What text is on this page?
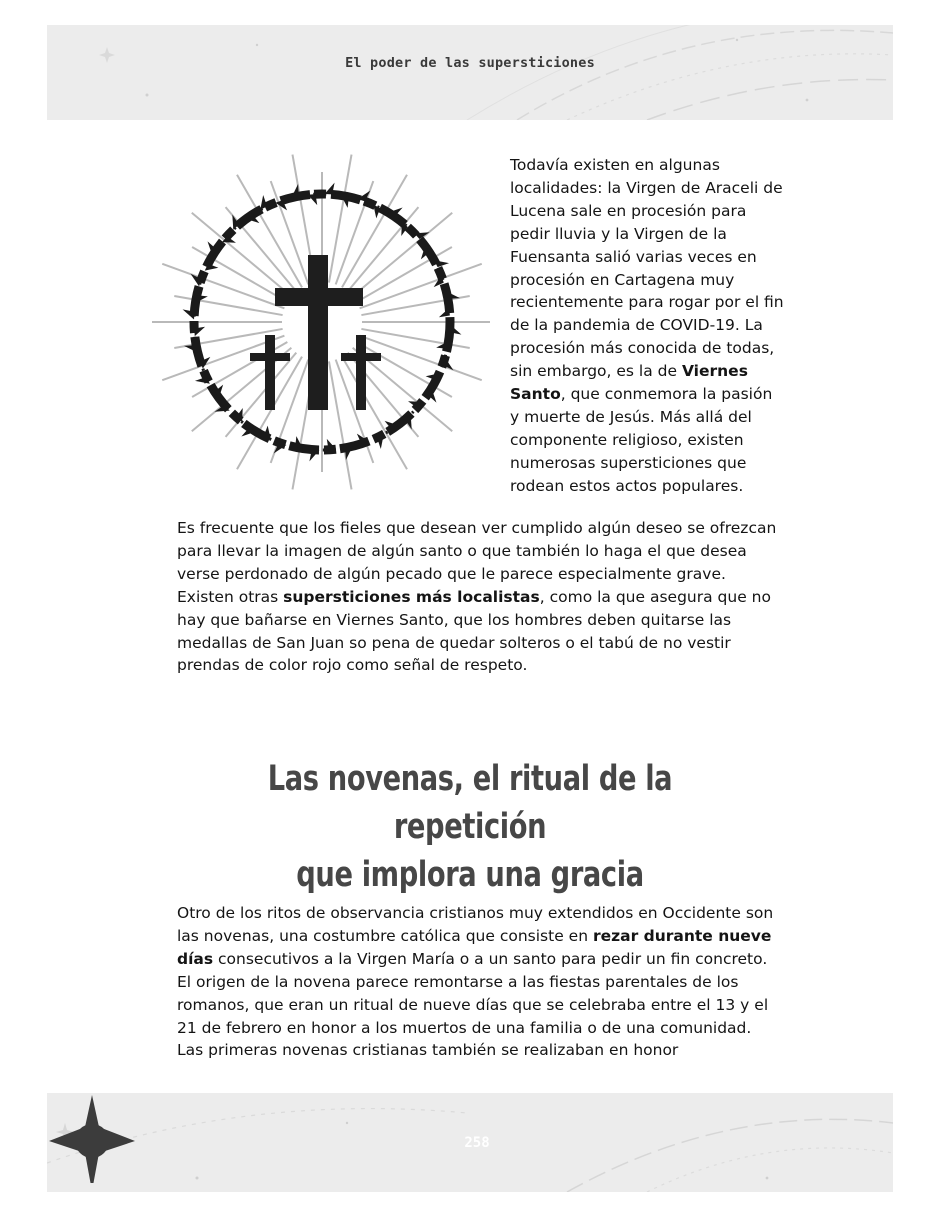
El poder de las supersticiones

Todavía existen en algunas localidades: la Virgen de Araceli de Lucena sale en procesión para pedir lluvia y la Virgen de la Fuensanta salió varias veces en procesión en Cartagena muy recientemente para rogar por el fin de la pandemia de COVID-19. La procesión más conocida de todas, sin embargo, es la de Viernes Santo, que conmemora la pasión y muerte de Jesús. Más allá del componente religioso, existen numerosas supersticiones que rodean estos actos populares.

Es frecuente que los fieles que desean ver cumplido algún deseo se ofrezcan para llevar la imagen de algún santo o que también lo haga el que desea verse perdonado de algún pecado que le parece especialmente grave. Existen otras supersticiones más localistas, como la que asegura que no hay que bañarse en Viernes Santo, que los hombres deben quitarse las medallas de San Juan so pena de quedar solteros o el tabú de no vestir prendas de color rojo como señal de respeto.

Las novenas, el ritual de la repetición
que implora una gracia

Otro de los ritos de observancia cristianos muy extendidos en Occidente son las novenas, una costumbre católica que consiste en rezar durante nueve días consecutivos a la Virgen María o a un santo para pedir un fin concreto. El origen de la novena parece remontarse a las fiestas parentales de los romanos, que eran un ritual de nueve días que se celebraba entre el 13 y el 21 de febrero en honor a los muertos de una familia o de una comunidad. Las primeras novenas cristianas también se realizaban en honor

258
